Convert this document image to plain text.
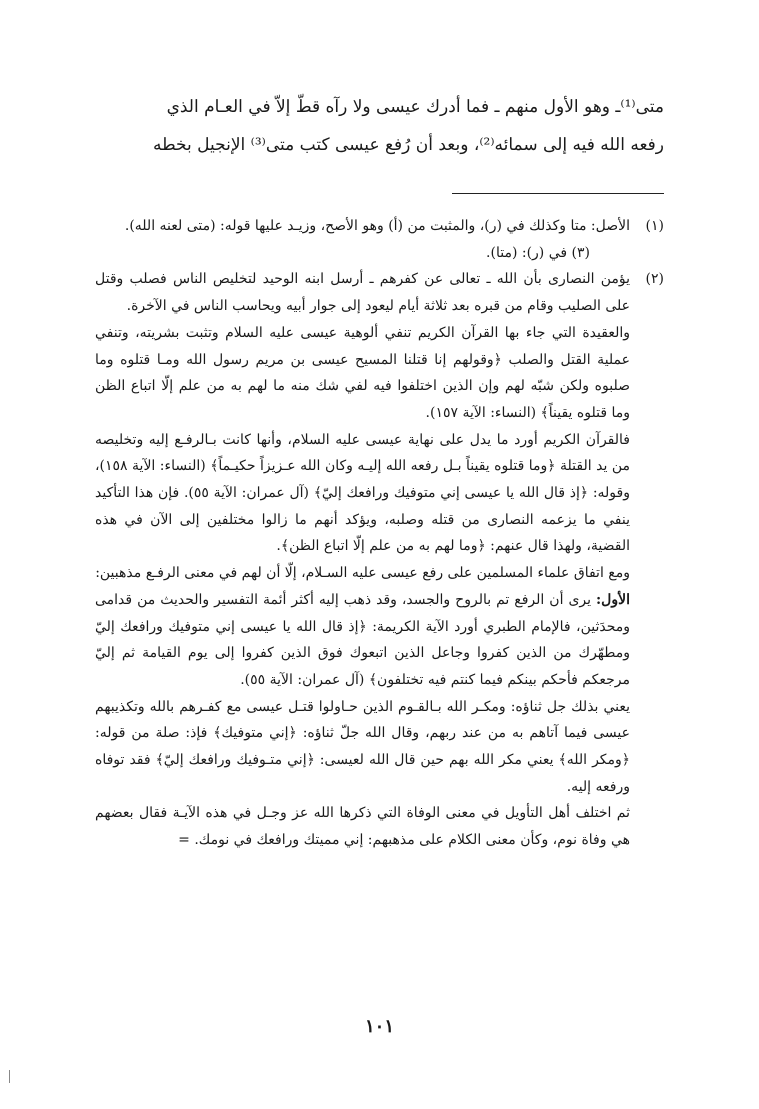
متى⁽¹⁾ـ وهو الأول منهم ـ فما أدرك عيسى ولا رآه قطّ إلاّ في العـام الذي

رفعه الله فيه إلى سمائه⁽²⁾، وبعد أن رُفع عيسى كتب متى⁽³⁾ الإنجيل بخطه

(١)
الأصل: متا وكذلك في (ر)، والمثبت من (أ) وهو الأصح، وزيـد عليها قوله: (متى لعنه الله).

(٣) في (ر): (متا).

(٢)
يؤمن النصارى بأن الله ـ تعالى عن كفرهم ـ أرسل ابنه الوحيد لتخليص الناس فصلب وقتل على الصليب وقام من قبره بعد ثلاثة أيام ليعود إلى جوار أبيه ويحاسب الناس في الآخرة.

والعقيدة التي جاء بها القرآن الكريم تنفي ألوهية عيسى عليه السلام وتثبت بشريته، وتنفي عملية القتل والصلب ﴿وقولهم إنا قتلنا المسيح عيسى بن مريم رسول الله ومـا قتلوه وما صلبوه ولكن شبّه لهم وإن الذين اختلفوا فيه لفي شك منه ما لهم به من علم إلّا اتباع الظن وما قتلوه يقيناً﴾ (النساء: الآية ١٥٧).

فالقرآن الكريم أورد ما يدل على نهاية عيسى عليه السلام، وأنها كانت بـالرفـع إليه وتخليصه من يد القتلة ﴿وما قتلوه يقيناً بـل رفعه الله إليـه وكان الله عـزيزاً حكيـماً﴾ (النساء: الآية ١٥٨)، وقوله: ﴿إذ قال الله يا عيسى إني متوفيك ورافعك إليّ﴾ (آل عمران: الآية ٥٥). فإن هذا التأكيد ينفي ما يزعمه النصارى من قتله وصلبه، ويؤكد أنهم ما زالوا مختلفين إلى الآن في هذه القضية، ولهذا قال عنهم: ﴿وما لهم به من علم إلّا اتباع الظن﴾.

ومع اتفاق علماء المسلمين على رفع عيسى عليه السـلام، إلّا أن لهم في معنى الرفـع مذهبين:

الأول: يرى أن الرفع تم بالروح والجسد، وقد ذهب إليه أكثر أئمة التفسير والحديث من قدامى ومحدَثين، فالإمام الطبري أورد الآية الكريمة: ﴿إذ قال الله يا عيسى إني متوفيك ورافعك إليّ ومطهّرك من الذين كفروا وجاعل الذين اتبعوك فوق الذين كفروا إلى يوم القيامة ثم إليّ مرجعكم فأحكم بينكم فيما كنتم فيه تختلفون﴾ (آل عمران: الآية ٥٥).

يعني بذلك جل ثناؤه: ومكـر الله بـالقـوم الذين حـاولوا قتـل عيسى مع كفـرهم بالله وتكذيبهم عيسى فيما آتاهم به من عند ربهم، وقال الله جلّ ثناؤه: ﴿إني متوفيك﴾ فإذ: صلة من قوله: ﴿ومكر الله﴾ يعني مكر الله بهم حين قال الله لعيسى: ﴿إني متـوفيك ورافعك إليّ﴾ فقد توفاه ورفعه إليه.

ثم اختلف أهل التأويل في معنى الوفاة التي ذكرها الله عز وجـل في هذه الآيـة فقال بعضهم هي وفاة نوم، وكأن معنى الكلام على مذهبهم: إني مميتك ورافعك في نومك. =

١٠١
